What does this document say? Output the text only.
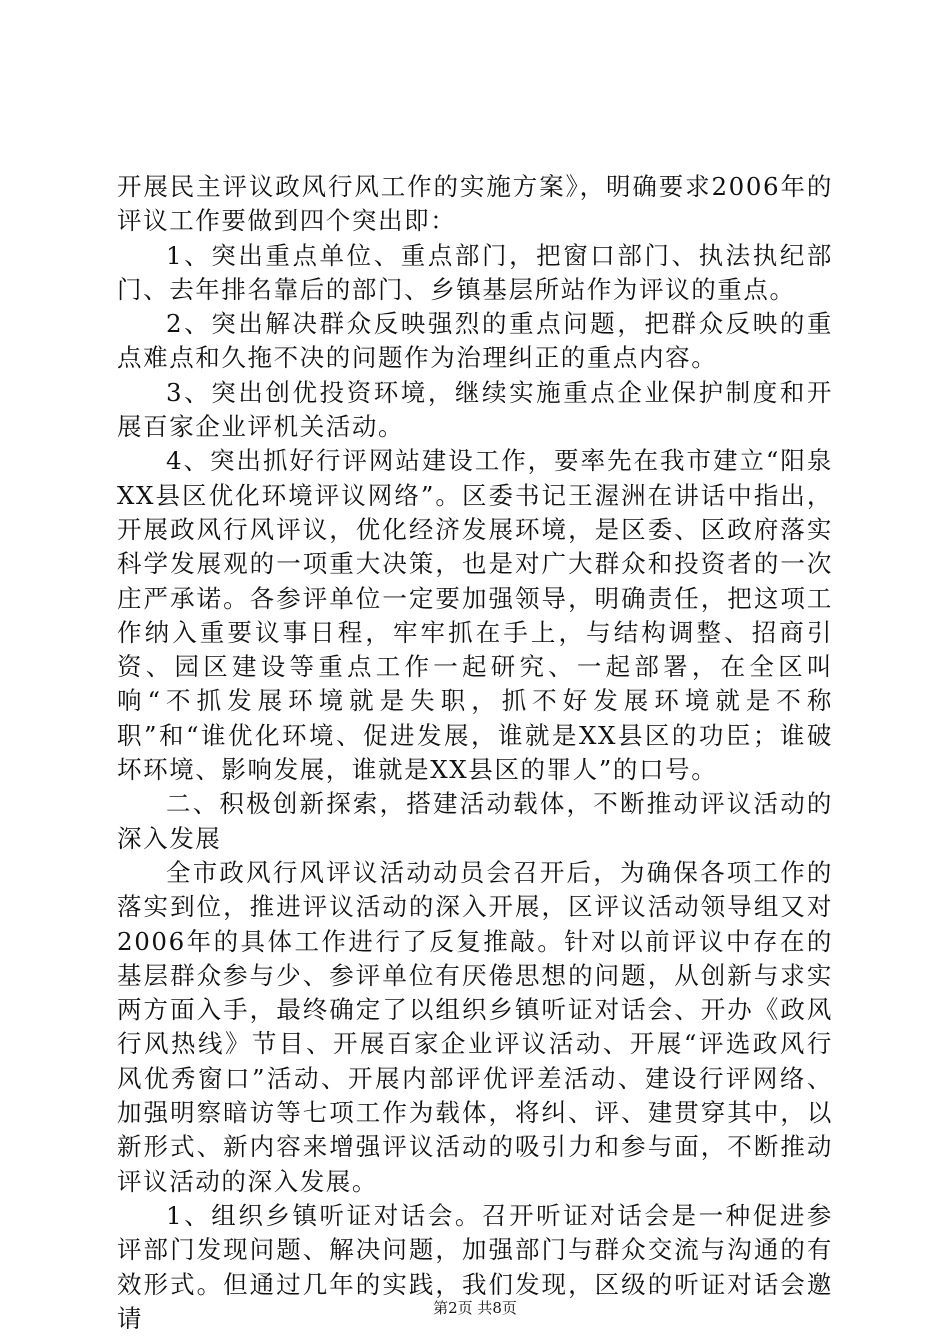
开展民主评议政风行风工作的实施方案》，明确要求2006年的评议工作要做到四个突出即：

1、突出重点单位、重点部门，把窗口部门、执法执纪部门、去年排名靠后的部门、乡镇基层所站作为评议的重点。

2、突出解决群众反映强烈的重点问题，把群众反映的重点难点和久拖不决的问题作为治理纠正的重点内容。

3、突出创优投资环境，继续实施重点企业保护制度和开展百家企业评机关活动。

4、突出抓好行评网站建设工作，要率先在我市建立“阳泉XX县区优化环境评议网络”。区委书记王渥洲在讲话中指出，开展政风行风评议，优化经济发展环境，是区委、区政府落实科学发展观的一项重大决策，也是对广大群众和投资者的一次庄严承诺。各参评单位一定要加强领导，明确责任，把这项工作纳入重要议事日程，牢牢抓在手上，与结构调整、招商引资、园区建设等重点工作一起研究、一起部署，在全区叫响“不抓发展环境就是失职，抓不好发展环境就是不称职”和“谁优化环境、促进发展，谁就是XX县区的功臣；谁破坏环境、影响发展，谁就是XX县区的罪人”的口号。

二、积极创新探索，搭建活动载体，不断推动评议活动的深入发展

全市政风行风评议活动动员会召开后，为确保各项工作的落实到位，推进评议活动的深入开展，区评议活动领导组又对2006年的具体工作进行了反复推敲。针对以前评议中存在的基层群众参与少、参评单位有厌倦思想的问题，从创新与求实两方面入手，最终确定了以组织乡镇听证对话会、开办《政风行风热线》节目、开展百家企业评议活动、开展“评选政风行风优秀窗口”活动、开展内部评优评差活动、建设行评网络、加强明察暗访等七项工作为载体，将纠、评、建贯穿其中，以新形式、新内容来增强评议活动的吸引力和参与面，不断推动评议活动的深入发展。

1、组织乡镇听证对话会。召开听证对话会是一种促进参评部门发现问题、解决问题，加强部门与群众交流与沟通的有效形式。但通过几年的实践，我们发现，区级的听证对话会邀请	第2页 共8页
